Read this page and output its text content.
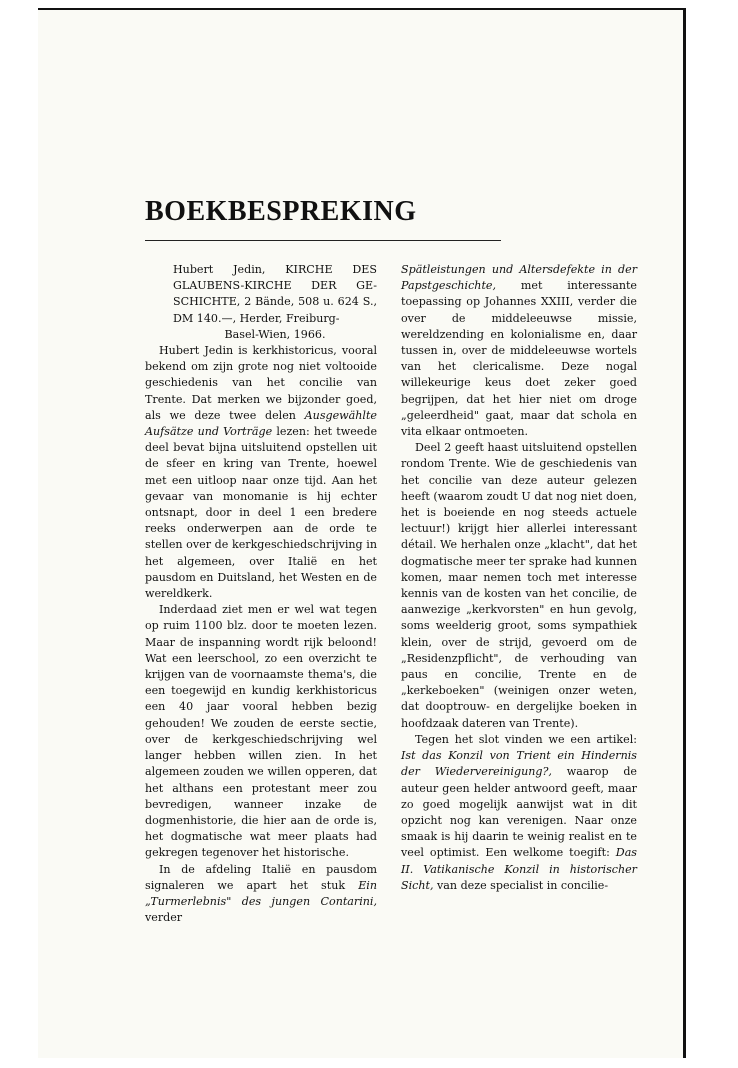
BOEKBESPREKING
Hubert Jedin, KIRCHE DES GLAUBENS-KIRCHE DER GE- SCHICHTE, 2 Bände, 508 u. 624 S., DM 140.—, Herder, Freiburg-
Basel-Wien, 1966.

Hubert Jedin is kerkhistoricus, vooral bekend om zijn grote nog niet voltooide geschiedenis van het concilie van Trente. Dat merken we bijzonder goed, als we deze twee delen Ausgewählte Aufsätze und Vorträge lezen: het tweede deel bevat bijna uitsluitend opstellen uit de sfeer en kring van Trente, hoewel met een uitloop naar onze tijd. Aan het gevaar van monomanie is hij echter ontsnapt, door in deel 1 een bredere reeks onderwerpen aan de orde te stellen over de kerkgeschiedschrijving in het algemeen, over Italië en het pausdom en Duitsland, het Westen en de wereldkerk.

Inderdaad ziet men er wel wat tegen op ruim 1100 blz. door te moeten lezen. Maar de inspanning wordt rijk beloond! Wat een leerschool, zo een overzicht te krijgen van de voornaamste thema's, die een toegewijd en kundig kerkhistoricus een 40 jaar vooral hebben bezig gehouden! We zouden de eerste sectie, over de kerkgeschiedschrijving wel langer hebben willen zien. In het algemeen zouden we willen opperen, dat het althans een protestant meer zou bevredigen, wanneer inzake de dogmenhistorie, die hier aan de orde is, het dogmatische wat meer plaats had gekregen tegenover het historische.

In de afdeling Italië en pausdom signaleren we apart het stuk Ein „Turmerlebnis" des jungen Contarini, verder

Spätleistungen und Altersdefekte in der Papstgeschichte, met interessante toepassing op Johannes XXIII, verder die over de middeleeuwse missie, wereldzending en kolonialisme en, daar tussen in, over de middeleeuwse wortels van het clericalisme. Deze nogal willekeurige keus doet zeker goed begrijpen, dat het hier niet om droge „geleerdheid" gaat, maar dat schola en vita elkaar ontmoeten.

Deel 2 geeft haast uitsluitend opstellen rondom Trente. Wie de geschiedenis van het concilie van deze auteur gelezen heeft (waarom zoudt U dat nog niet doen, het is boeiende en nog steeds actuele lectuur!) krijgt hier allerlei interessant détail. We herhalen onze „klacht", dat het dogmatische meer ter sprake had kunnen komen, maar nemen toch met interesse kennis van de kosten van het concilie, de aanwezige „kerkvorsten" en hun gevolg, soms weelderig groot, soms sympathiek klein, over de strijd, gevoerd om de „Residenzpflicht", de verhouding van paus en concilie, Trente en de „kerkeboeken" (weinigen onzer weten, dat dooptrouw- en dergelijke boeken in hoofdzaak dateren van Trente).

Tegen het slot vinden we een artikel: Ist das Konzil von Trient ein Hindernis der Wiedervereinigung?, waarop de auteur geen helder antwoord geeft, maar zo goed mogelijk aanwijst wat in dit opzicht nog kan verenigen. Naar onze smaak is hij daarin te weinig realist en te veel optimist. Een welkome toegift: Das II. Vatikanische Konzil in historischer Sicht, van deze specialist in concilie-
